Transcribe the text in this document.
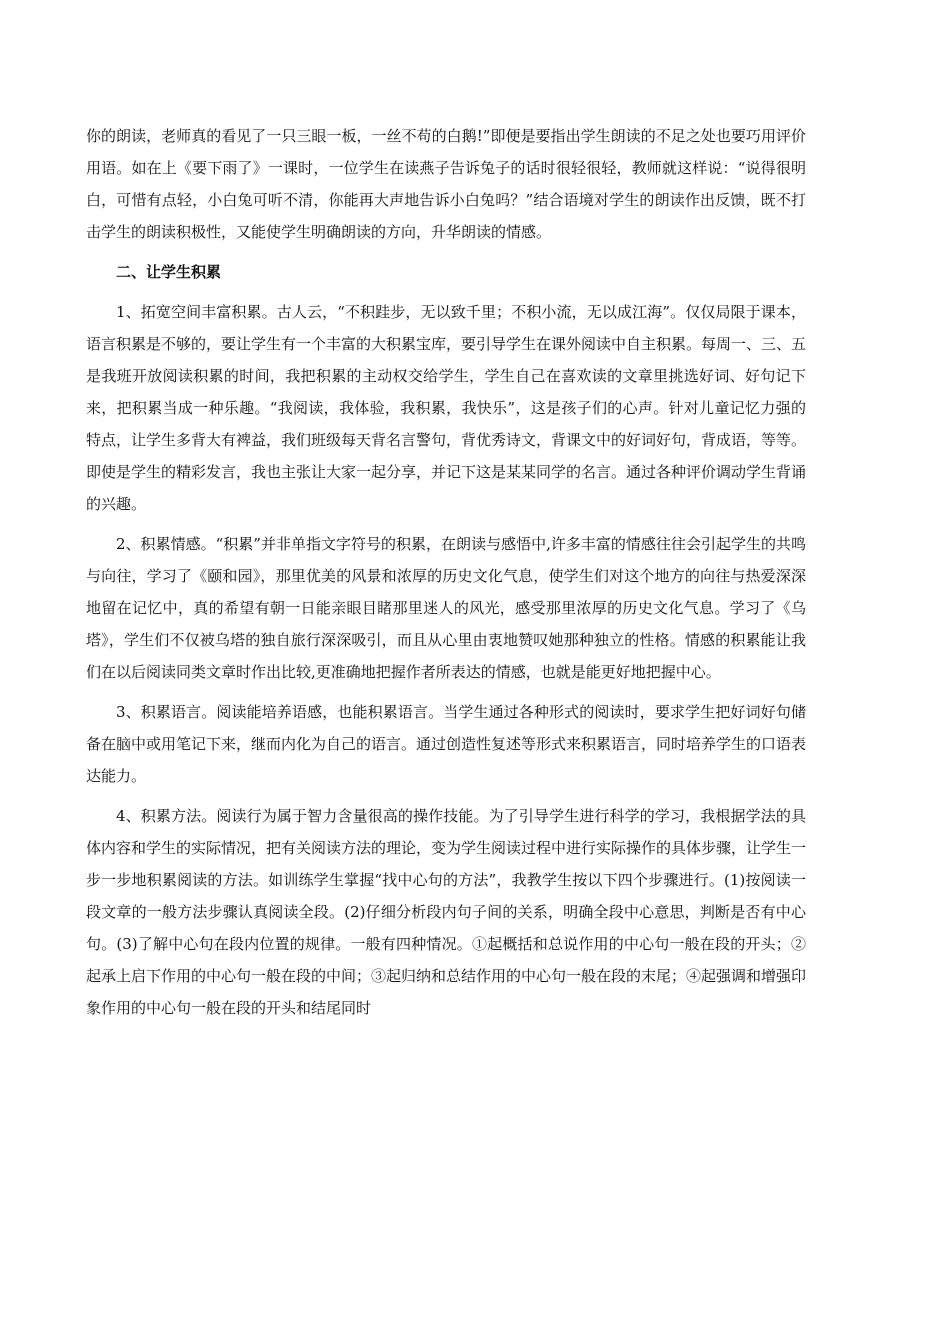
你的朗读，老师真的看见了一只三眼一板，一丝不苟的白鹅!”即便是要指出学生朗读的不足之处也要巧用评价用语。如在上《要下雨了》一课时，一位学生在读燕子告诉兔子的话时很轻很轻，教师就这样说：“说得很明白，可惜有点轻，小白兔可听不清，你能再大声地告诉小白兔吗？”结合语境对学生的朗读作出反馈，既不打击学生的朗读积极性，又能使学生明确朗读的方向，升华朗读的情感。

二、让学生积累

1、拓宽空间丰富积累。古人云，“不积跬步，无以致千里；不积小流，无以成江海”。仅仅局限于课本，语言积累是不够的，要让学生有一个丰富的大积累宝库，要引导学生在课外阅读中自主积累。每周一、三、五是我班开放阅读积累的时间，我把积累的主动权交给学生，学生自己在喜欢读的文章里挑选好词、好句记下来，把积累当成一种乐趣。“我阅读，我体验，我积累，我快乐”，这是孩子们的心声。针对儿童记忆力强的特点，让学生多背大有裨益，我们班级每天背名言警句，背优秀诗文，背课文中的好词好句，背成语，等等。即使是学生的精彩发言，我也主张让大家一起分享，并记下这是某某同学的名言。通过各种评价调动学生背诵的兴趣。

2、积累情感。“积累”并非单指文字符号的积累，在朗读与感悟中,许多丰富的情感往往会引起学生的共鸣与向往，学习了《颐和园》，那里优美的风景和浓厚的历史文化气息，使学生们对这个地方的向往与热爱深深地留在记忆中，真的希望有朝一日能亲眼目睹那里迷人的风光，感受那里浓厚的历史文化气息。学习了《乌塔》，学生们不仅被乌塔的独自旅行深深吸引，而且从心里由衷地赞叹她那种独立的性格。情感的积累能让我们在以后阅读同类文章时作出比较,更准确地把握作者所表达的情感，也就是能更好地把握中心。

3、积累语言。阅读能培养语感，也能积累语言。当学生通过各种形式的阅读时，要求学生把好词好句储备在脑中或用笔记下来，继而内化为自己的语言。通过创造性复述等形式来积累语言，同时培养学生的口语表达能力。

4、积累方法。阅读行为属于智力含量很高的操作技能。为了引导学生进行科学的学习，我根据学法的具体内容和学生的实际情况，把有关阅读方法的理论，变为学生阅读过程中进行实际操作的具体步骤，让学生一步一步地积累阅读的方法。如训练学生掌握“找中心句的方法”，我教学生按以下四个步骤进行。(1)按阅读一段文章的一般方法步骤认真阅读全段。(2)仔细分析段内句子间的关系，明确全段中心意思，判断是否有中心句。(3)了解中心句在段内位置的规律。一般有四种情况。①起概括和总说作用的中心句一般在段的开头；②起承上启下作用的中心句一般在段的中间；③起归纳和总结作用的中心句一般在段的末尾；④起强调和增强印象作用的中心句一般在段的开头和结尾同时
